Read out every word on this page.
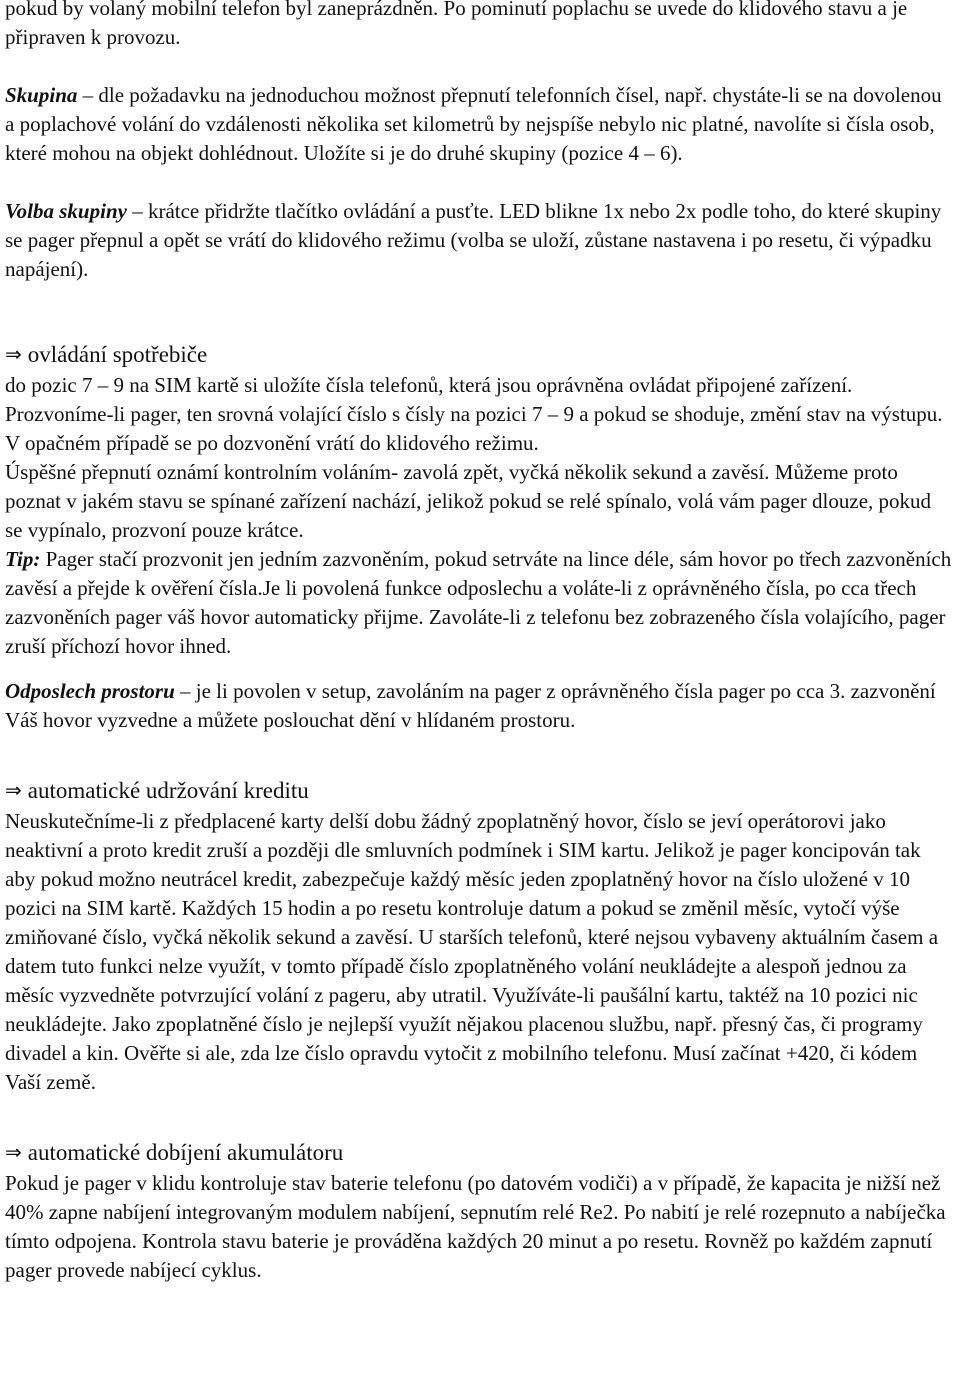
pokud by volaný mobilní telefon byl zaneprázdněn. Po pominutí poplachu se uvede do klidového stavu a je připraven k provozu.

Skupina – dle požadavku na jednoduchou možnost přepnutí telefonních čísel, např. chystáte-li se na dovolenou a poplachové volání do vzdálenosti několika set kilometrů by nejspíše nebylo nic platné, navolíte si čísla osob, které mohou na objekt dohlédnout. Uložíte si je do druhé skupiny (pozice 4 – 6).

Volba skupiny – krátce přidržte tlačítko ovládání a pusťte. LED blikne 1x nebo 2x podle toho, do které skupiny se pager přepnul a opět se vrátí do klidového režimu (volba se uloží, zůstane nastavena i po resetu, či výpadku napájení).

⇒ ovládání spotřebiče

do pozic 7 – 9 na SIM kartě si uložíte čísla telefonů, která jsou oprávněna ovládat připojené zařízení. Prozvoníme-li pager, ten srovná volající číslo s čísly na pozici 7 – 9 a pokud se shoduje, změní stav na výstupu. V opačném případě se po dozvonění vrátí do klidového režimu.

Úspěšné přepnutí oznámí kontrolním voláním- zavolá zpět, vyčká několik sekund a zavěsí. Můžeme proto poznat v jakém stavu se spínané zařízení nachází, jelikož pokud se relé spínalo, volá vám pager dlouze, pokud se vypínalo, prozvoní pouze krátce.

Tip: Pager stačí prozvonit jen jedním zazvoněním, pokud setrváte na lince déle, sám hovor po třech zazvoněních zavěsí a přejde k ověření čísla.Je li povolená funkce odposlechu a voláte-li z oprávněného čísla, po cca třech zazvoněních pager váš hovor automaticky přijme. Zavoláte-li z telefonu bez zobrazeného čísla volajícího, pager zruší příchozí hovor ihned.

Odposlech prostoru – je li povolen v setup, zavoláním na pager z oprávněného čísla pager po cca 3. zazvonění Váš hovor vyzvedne a můžete poslouchat dění v hlídaném prostoru.

⇒ automatické udržování kreditu

Neuskutečníme-li z předplacené karty delší dobu žádný zpoplatněný hovor, číslo se jeví operátorovi jako neaktivní a proto kredit zruší a později dle smluvních podmínek i SIM kartu. Jelikož je pager koncipován tak aby pokud možno neutrácel kredit, zabezpečuje každý měsíc jeden zpoplatněný hovor na číslo uložené v 10 pozici na SIM kartě. Každých 15 hodin a po resetu kontroluje datum a pokud se změnil měsíc, vytočí výše zmiňované číslo, vyčká několik sekund a zavěsí. U starších telefonů, které nejsou vybaveny aktuálním časem a datem tuto funkci nelze využít, v tomto případě číslo zpoplatněného volání neukládejte a alespoň jednou za měsíc vyzvedněte potvrzující volání z pageru, aby utratil. Využíváte-li paušální kartu, taktéž na 10 pozici nic neukládejte. Jako zpoplatněné číslo je nejlepší využít nějakou placenou službu, např. přesný čas, či programy divadel a kin. Ověřte si ale, zda lze číslo opravdu vytočit z mobilního telefonu. Musí začínat +420, či kódem Vaší země.

⇒ automatické dobíjení akumulátoru

Pokud je pager v klidu kontroluje stav baterie telefonu (po datovém vodiči) a v případě, že kapacita je nižší než 40% zapne nabíjení integrovaným modulem nabíjení, sepnutím relé Re2. Po nabití je relé rozepnuto a nabíječka tímto odpojena. Kontrola stavu baterie je prováděna každých 20 minut a po resetu. Rovněž po každém zapnutí pager provede nabíjecí cyklus.
